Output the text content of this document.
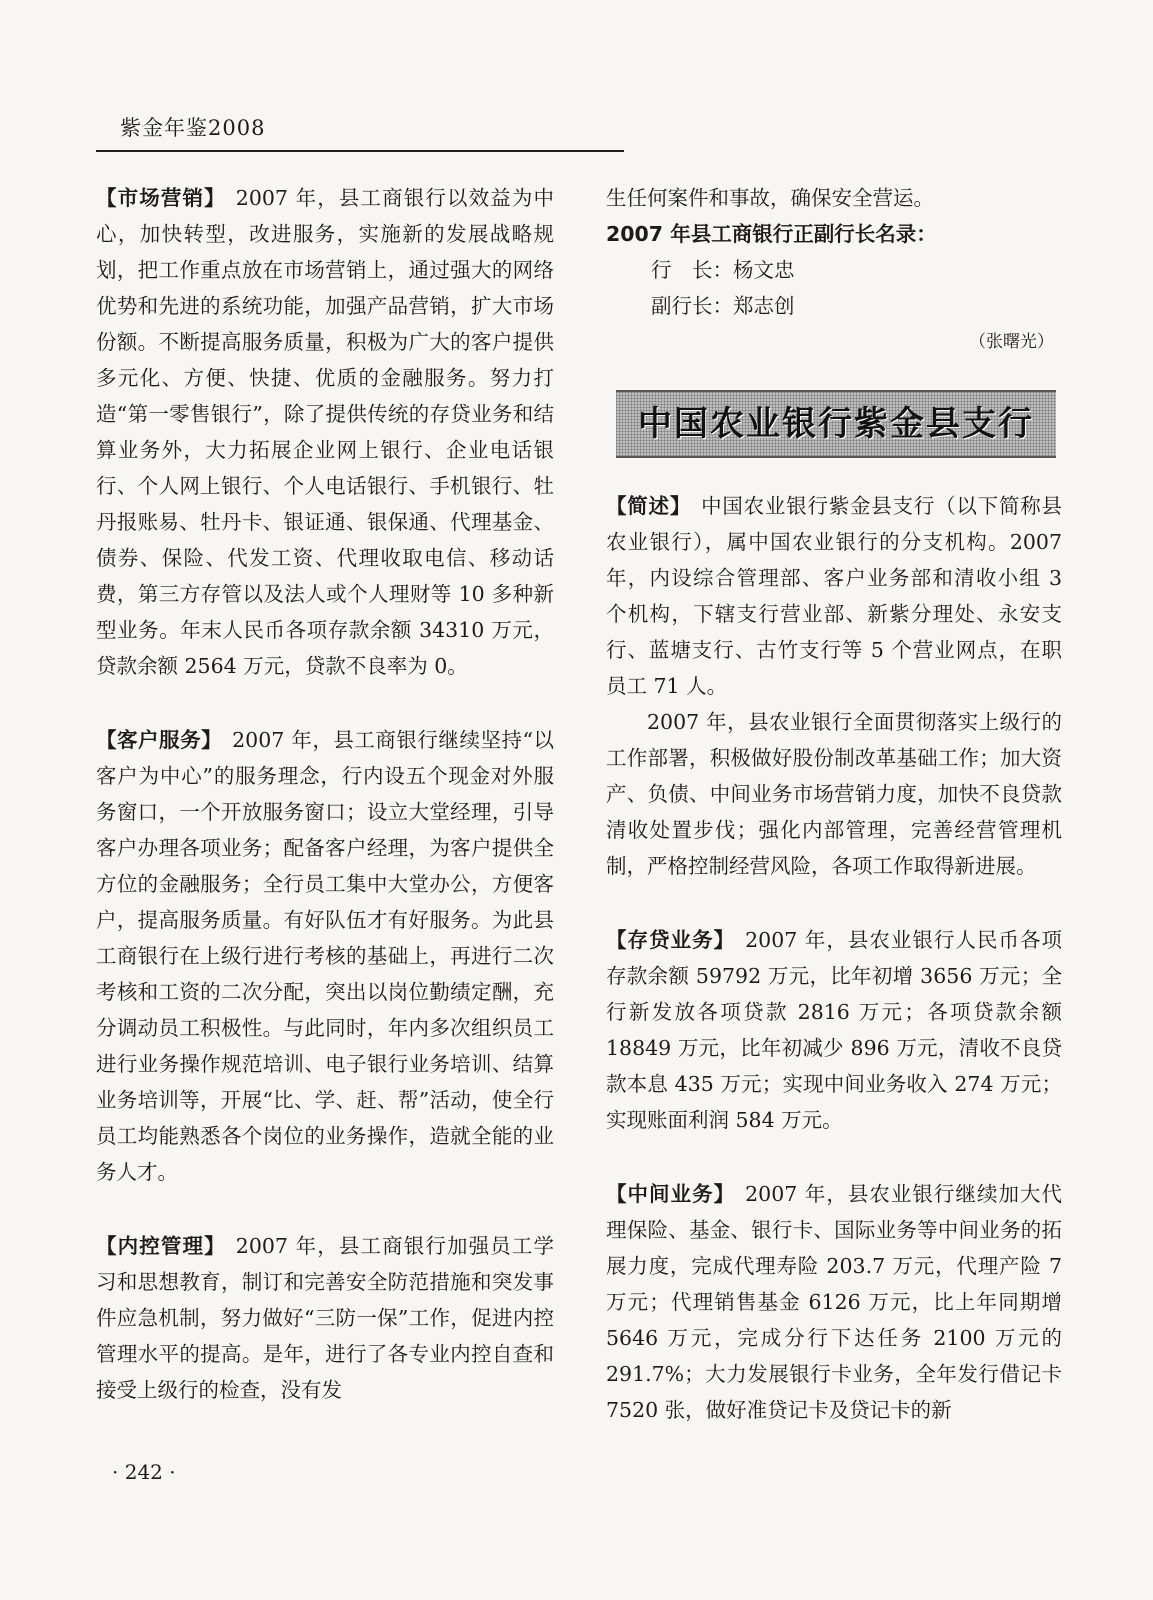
紫金年鉴2008

【市场营销】 2007 年，县工商银行以效益为中心，加快转型，改进服务，实施新的发展战略规划，把工作重点放在市场营销上，通过强大的网络优势和先进的系统功能，加强产品营销，扩大市场份额。不断提高服务质量，积极为广大的客户提供多元化、方便、快捷、优质的金融服务。努力打造“第一零售银行”，除了提供传统的存贷业务和结算业务外，大力拓展企业网上银行、企业电话银行、个人网上银行、个人电话银行、手机银行、牡丹报账易、牡丹卡、银证通、银保通、代理基金、债券、保险、代发工资、代理收取电信、移动话费，第三方存管以及法人或个人理财等 10 多种新型业务。年末人民币各项存款余额 34310 万元，贷款余额 2564 万元，贷款不良率为 0。

【客户服务】 2007 年，县工商银行继续坚持“以客户为中心”的服务理念，行内设五个现金对外服务窗口，一个开放服务窗口；设立大堂经理，引导客户办理各项业务；配备客户经理，为客户提供全方位的金融服务；全行员工集中大堂办公，方便客户，提高服务质量。有好队伍才有好服务。为此县工商银行在上级行进行考核的基础上，再进行二次考核和工资的二次分配，突出以岗位勤绩定酬，充分调动员工积极性。与此同时，年内多次组织员工进行业务操作规范培训、电子银行业务培训、结算业务培训等，开展“比、学、赶、帮”活动，使全行员工均能熟悉各个岗位的业务操作，造就全能的业务人才。

【内控管理】 2007 年，县工商银行加强员工学习和思想教育，制订和完善安全防范措施和突发事件应急机制，努力做好“三防一保”工作，促进内控管理水平的提高。是年，进行了各专业内控自查和接受上级行的检查，没有发

生任何案件和事故，确保安全营运。

2007 年县工商银行正副行长名录：

行　长：杨文忠

副行长：郑志创

（张曙光）

中国农业银行紫金县支行

【简述】 中国农业银行紫金县支行（以下简称县农业银行），属中国农业银行的分支机构。2007 年，内设综合管理部、客户业务部和清收小组 3 个机构，下辖支行营业部、新紫分理处、永安支行、蓝塘支行、古竹支行等 5 个营业网点，在职员工 71 人。

2007 年，县农业银行全面贯彻落实上级行的工作部署，积极做好股份制改革基础工作；加大资产、负债、中间业务市场营销力度，加快不良贷款清收处置步伐；强化内部管理，完善经营管理机制，严格控制经营风险，各项工作取得新进展。

【存贷业务】 2007 年，县农业银行人民币各项存款余额 59792 万元，比年初增 3656 万元；全行新发放各项贷款 2816 万元；各项贷款余额 18849 万元，比年初减少 896 万元，清收不良贷款本息 435 万元；实现中间业务收入 274 万元；实现账面利润 584 万元。

【中间业务】 2007 年，县农业银行继续加大代理保险、基金、银行卡、国际业务等中间业务的拓展力度，完成代理寿险 203.7 万元，代理产险 7 万元；代理销售基金 6126 万元，比上年同期增 5646 万元，完成分行下达任务 2100 万元的 291.7%；大力发展银行卡业务，全年发行借记卡 7520 张，做好准贷记卡及贷记卡的新

· 242 ·
